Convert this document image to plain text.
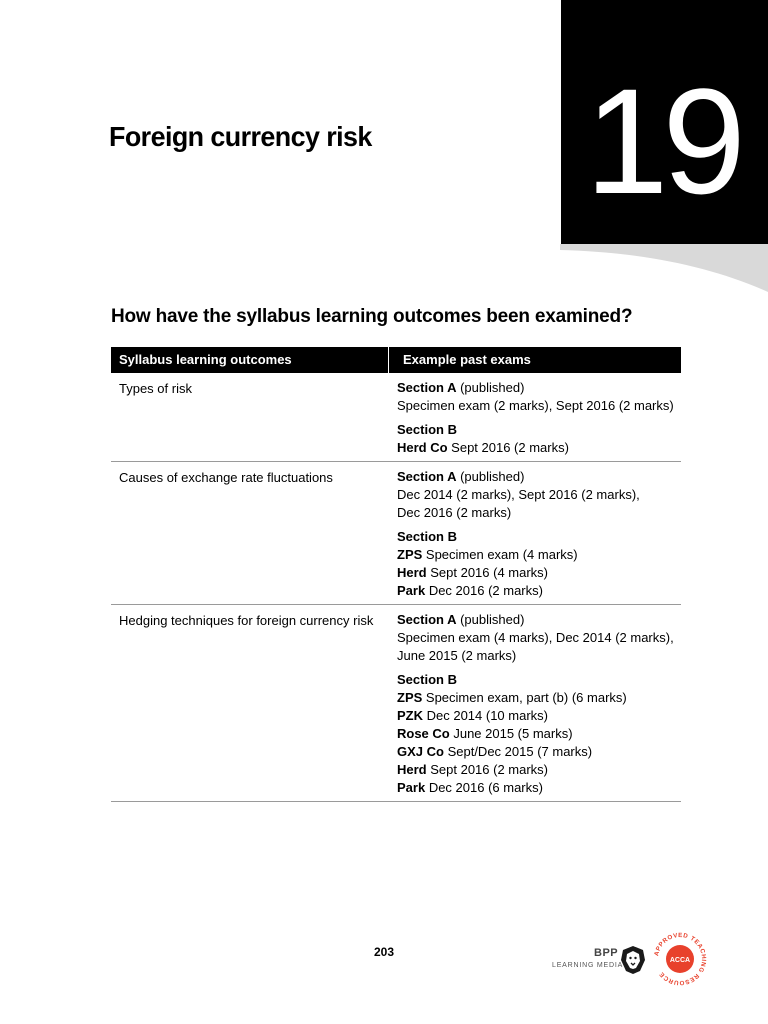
19
Foreign currency risk
How have the syllabus learning outcomes been examined?
Syllabus learning outcomes	Example past exams
Types of risk	Section A (published)
Specimen exam (2 marks), Sept 2016 (2 marks)
Section B
Herd Co Sept 2016 (2 marks)
Causes of exchange rate fluctuations	Section A (published)
Dec 2014 (2 marks), Sept 2016 (2 marks),
Dec 2016 (2 marks)
Section B
ZPS Specimen exam (4 marks)
Herd Sept 2016 (4 marks)
Park Dec 2016 (2 marks)
Hedging techniques for foreign currency risk	Section A (published)
Specimen exam (4 marks), Dec 2014 (2 marks),
June 2015 (2 marks)
Section B
ZPS Specimen exam, part (b) (6 marks)
PZK Dec 2014 (10 marks)
Rose Co June 2015 (5 marks)
GXJ Co Sept/Dec 2015 (7 marks)
Herd Sept 2016 (2 marks)
Park Dec 2016 (6 marks)
203	BPP
LEARNING MEDIA
ACCA
APPROVED TEACHING RESOURCE
